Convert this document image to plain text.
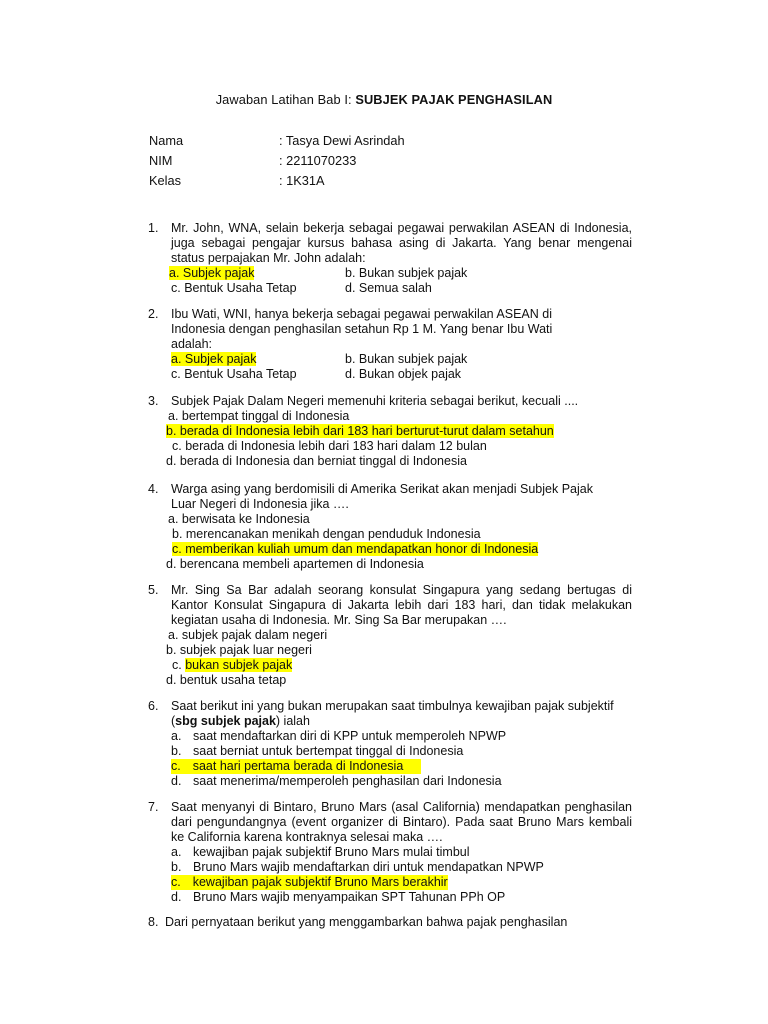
Jawaban Latihan Bab I: SUBJEK PAJAK PENGHASILAN
Nama	: Tasya Dewi Asrindah
NIM	: 2211070233
Kelas	: 1K31A
1. Mr. John, WNA, selain bekerja sebagai pegawai perwakilan ASEAN di Indonesia, juga sebagai pengajar kursus bahasa asing di Jakarta. Yang benar mengenai status perpajakan Mr. John adalah:
a. Subjek pajak	b. Bukan subjek pajak
c. Bentuk Usaha Tetap	d. Semua salah
2. Ibu Wati, WNI, hanya bekerja sebagai pegawai perwakilan ASEAN di
Indonesia dengan penghasilan setahun Rp 1 M. Yang benar Ibu Wati
adalah:
a. Subjek pajak	b. Bukan subjek pajak
c. Bentuk Usaha Tetap	d. Bukan objek pajak
3. Subjek Pajak Dalam Negeri memenuhi kriteria sebagai berikut, kecuali ....
a. bertempat tinggal di Indonesia
b. berada di Indonesia lebih dari 183 hari berturut-turut dalam setahun
c. berada di Indonesia lebih dari 183 hari dalam 12 bulan
d. berada di Indonesia dan berniat tinggal di Indonesia
4. Warga asing yang berdomisili di Amerika Serikat akan menjadi Subjek Pajak
Luar Negeri di Indonesia jika ….
a. berwisata ke Indonesia
b. merencanakan menikah dengan penduduk Indonesia
c. memberikan kuliah umum dan mendapatkan honor di Indonesia
d. berencana membeli apartemen di Indonesia
5. Mr. Sing Sa Bar adalah seorang konsulat Singapura yang sedang bertugas di Kantor Konsulat Singapura di Jakarta lebih dari 183 hari, dan tidak melakukan kegiatan usaha di Indonesia. Mr. Sing Sa Bar merupakan ….
a. subjek pajak dalam negeri
b. subjek pajak luar negeri
c. bukan subjek pajak
d. bentuk usaha tetap
6. Saat berikut ini yang bukan merupakan saat timbulnya kewajiban pajak subjektif
(sbg subjek pajak) ialah
a. saat mendaftarkan diri di KPP untuk memperoleh NPWP
b. saat berniat untuk bertempat tinggal di Indonesia
c. saat hari pertama berada di Indonesia
d. saat menerima/memperoleh penghasilan dari Indonesia
7. Saat menyanyi di Bintaro, Bruno Mars (asal California) mendapatkan penghasilan dari pengundangnya (event organizer di Bintaro). Pada saat Bruno Mars kembali ke California karena kontraknya selesai maka ….
a. kewajiban pajak subjektif Bruno Mars mulai timbul
b. Bruno Mars wajib mendaftarkan diri untuk mendapatkan NPWP
c. kewajiban pajak subjektif Bruno Mars berakhir
d. Bruno Mars wajib menyampaikan SPT Tahunan PPh OP
8. Dari pernyataan berikut yang menggambarkan bahwa pajak penghasilan
